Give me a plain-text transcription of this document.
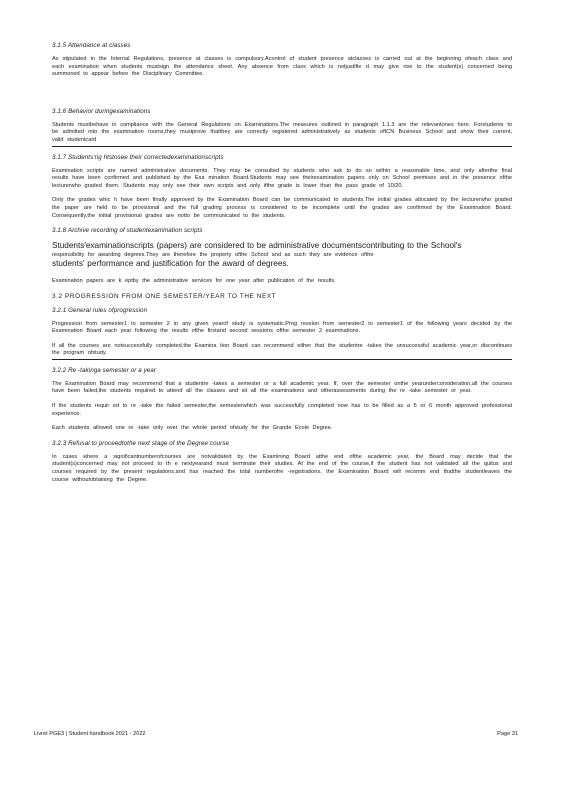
3.1.5 Attendance at classes

As stipulated in the Internal Regulations, presence at classes is compulsory.Acontrol of student presence atclasses is carried out at the beginning ofeach class and each examination when students mustsign the attendance sheet. Any absence from class which is notjustifie d may give rise to the student(s) concerned being summoned to appear before the Disciplinary Committee.

3.1.6 Behavior duringexaminations

Students mustbehave in compliance with the General Regulations on Examinations.The measures outlined in paragraph 1.1.3 are the relevantones here. Forstudents to be admitted into the examination rooms,they mustprove thatthey are correctly registered administratively as students ofICN Business School and show their current, valid studentcard

3.1.7 Students'rig htstosee their correctedexaminationscripts

Examination scripts are named administrative documents. They may be consulted by students who ask to do so within a reasonable time, and only afterthe final results have been confirmed and published by the Exa mination Board.Students may see theirexamination papers only on School premises and in the presence ofthe lecturerwho graded them. Students may only see their own scripts and only ifthe grade is lower than the pass grade of 10/20.

Only the grades whic h have been finally approved by the Examination Board can be communicated to students.The initial grades allocated by the lecturerwho graded the paper are held to be provisional and the full grading process is considered to be incomplete until the grades are confirmed by the Examination Board. Consequently,the initial provisional grades are notto be communicated to the students.

3.1.8 Archive recording of studentexamination scripts

Students'examinationscripts (papers) are considered to be administrative documentscontributing to the School's
responsibility for awarding degrees.They are therefore the property ofthe School and as such they are evidence ofthe
students' performance and justification for the award of degrees.

Examination papers are k eptby the administrative services for one year after publication of the results.

3.2 PROGRESSION FROM ONE SEMESTER/YEAR TO THE NEXT
3.2.1 General rules ofprogression

Progression from semester1 to semester 2 in any given yearof study is systematic.Prog ression from semester2 to semester1 of the following years decided by the Examination Board each year following the results ofthe firstand second sessions ofthe semester 2 examinations.

If all the courses are notsuccessfully completed,the Examina tion Board can recommend either that the studentre -takes the unsuccessful academic year,or discontinues the program ofstudy.

3.2.2 Re -takinga semester or a year

The Examination Board may recommend that a studentre -takes a semester or a full academic year. If, over the semester onthe yearunderconsideration,all the courses have been failed,the students required to attend all the classes and sit all the examinations and otherassessments during the re -take semester or year.

If the students requir ed to re -take the failed semester,the semesterwhich was successfully completed now has to be filled as a 5 or 6 month approved professional experience.

Each students allowed one re -take only over the whole period ofstudy for the Grande Ecole Degree.

3.2.3 Refusal to proceedtothe next stage of the Degree course

In cases where a significantnumberofcourses are notvalidated by the Examining Board atthe end ofthe academic year, the Board may decide that the student(s)concerned may not proceed to th e nextyearand must terminate their studies. At the end of the course,if the student has not validated all the quitus and courses required by the present regulations,and has reached the total numberofre -registrations, the Examination Board will recomm end thatthe studentleaves the course withoutobtaining the Degree.

Livret PGE3 | Student handbook 2021 - 2022	Page 31
